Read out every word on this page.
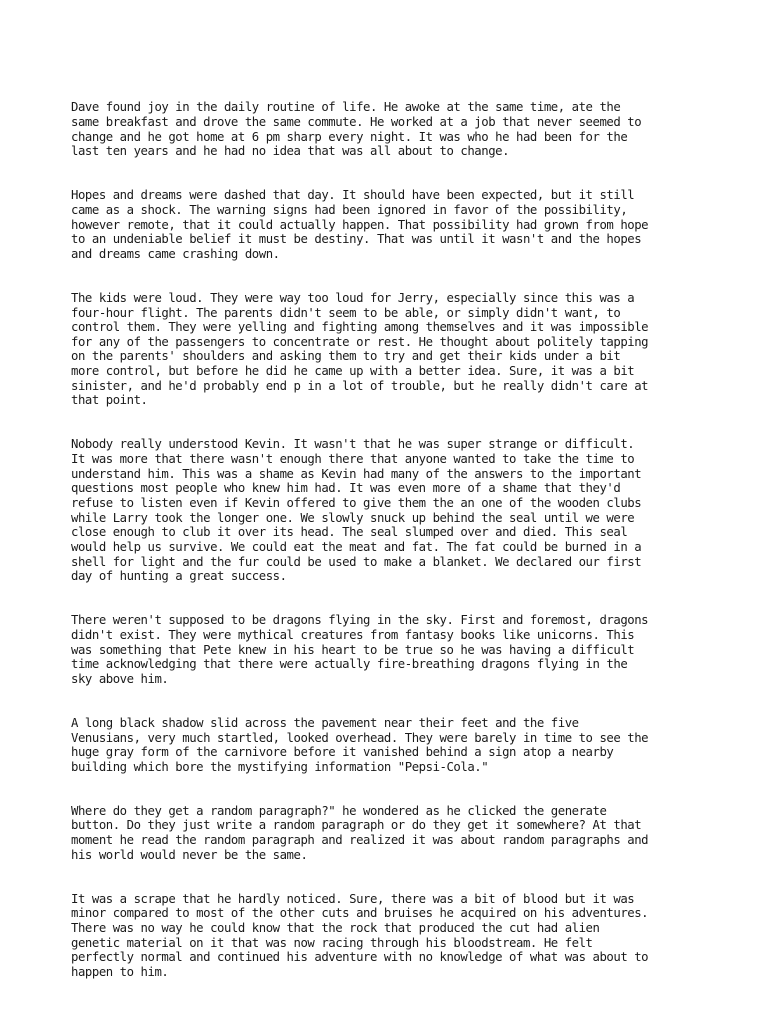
Dave found joy in the daily routine of life. He awoke at the same time, ate the
same breakfast and drove the same commute. He worked at a job that never seemed to
change and he got home at 6 pm sharp every night. It was who he had been for the
last ten years and he had no idea that was all about to change.

Hopes and dreams were dashed that day. It should have been expected, but it still
came as a shock. The warning signs had been ignored in favor of the possibility,
however remote, that it could actually happen. That possibility had grown from hope
to an undeniable belief it must be destiny. That was until it wasn't and the hopes
and dreams came crashing down.

The kids were loud. They were way too loud for Jerry, especially since this was a
four-hour flight. The parents didn't seem to be able, or simply didn't want, to
control them. They were yelling and fighting among themselves and it was impossible
for any of the passengers to concentrate or rest. He thought about politely tapping
on the parents' shoulders and asking them to try and get their kids under a bit
more control, but before he did he came up with a better idea. Sure, it was a bit
sinister, and he'd probably end p in a lot of trouble, but he really didn't care at
that point.

Nobody really understood Kevin. It wasn't that he was super strange or difficult.
It was more that there wasn't enough there that anyone wanted to take the time to
understand him. This was a shame as Kevin had many of the answers to the important
questions most people who knew him had. It was even more of a shame that they'd
refuse to listen even if Kevin offered to give them the an one of the wooden clubs
while Larry took the longer one. We slowly snuck up behind the seal until we were
close enough to club it over its head. The seal slumped over and died. This seal
would help us survive. We could eat the meat and fat. The fat could be burned in a
shell for light and the fur could be used to make a blanket. We declared our first
day of hunting a great success.

There weren't supposed to be dragons flying in the sky. First and foremost, dragons
didn't exist. They were mythical creatures from fantasy books like unicorns. This
was something that Pete knew in his heart to be true so he was having a difficult
time acknowledging that there were actually fire-breathing dragons flying in the
sky above him.

A long black shadow slid across the pavement near their feet and the five
Venusians, very much startled, looked overhead. They were barely in time to see the
huge gray form of the carnivore before it vanished behind a sign atop a nearby
building which bore the mystifying information "Pepsi-Cola."

Where do they get a random paragraph?" he wondered as he clicked the generate
button. Do they just write a random paragraph or do they get it somewhere? At that
moment he read the random paragraph and realized it was about random paragraphs and
his world would never be the same.

It was a scrape that he hardly noticed. Sure, there was a bit of blood but it was
minor compared to most of the other cuts and bruises he acquired on his adventures.
There was no way he could know that the rock that produced the cut had alien
genetic material on it that was now racing through his bloodstream. He felt
perfectly normal and continued his adventure with no knowledge of what was about to
happen to him.
